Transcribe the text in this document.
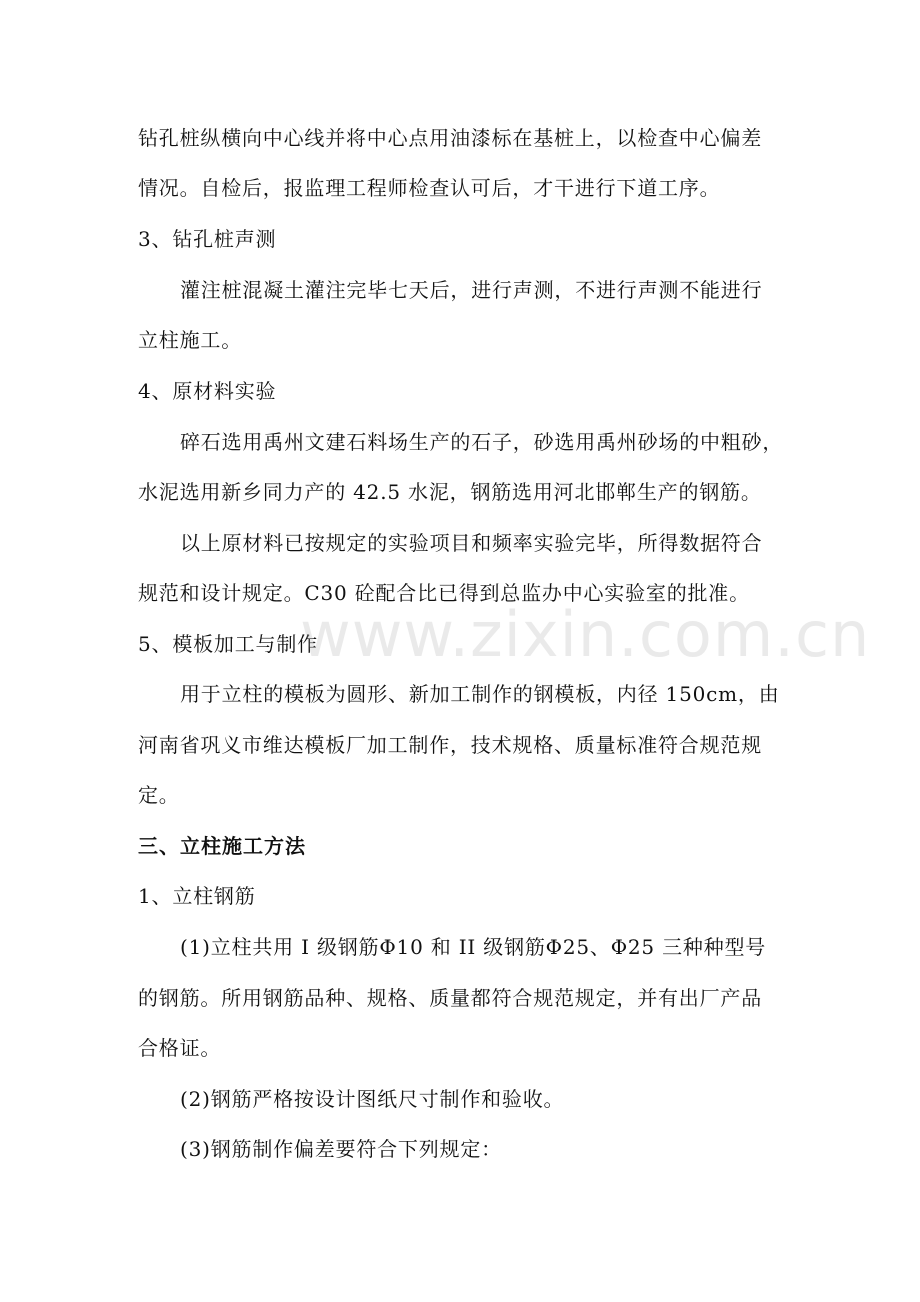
钻孔桩纵横向中心线并将中心点用油漆标在基桩上，以检查中心偏差
情况。自检后，报监理工程师检查认可后，才干进行下道工序。
3、钻孔桩声测
灌注桩混凝土灌注完毕七天后，进行声测，不进行声测不能进行
立柱施工。
4、原材料实验
碎石选用禹州文建石料场生产的石子，砂选用禹州砂场的中粗砂，
水泥选用新乡同力产的 42.5 水泥，钢筋选用河北邯郸生产的钢筋。
以上原材料已按规定的实验项目和频率实验完毕，所得数据符合
规范和设计规定。C30 砼配合比已得到总监办中心实验室的批准。
5、模板加工与制作
用于立柱的模板为圆形、新加工制作的钢模板，内径 150cm，由
河南省巩义市维达模板厂加工制作，技术规格、质量标准符合规范规
定。
三、立柱施工方法
1、立柱钢筋
(1)立柱共用 I 级钢筋Φ10 和 II 级钢筋Φ25、Φ25 三种种型号
的钢筋。所用钢筋品种、规格、质量都符合规范规定，并有出厂产品
合格证。
(2)钢筋严格按设计图纸尺寸制作和验收。
(3)钢筋制作偏差要符合下列规定：
www.zixin.com.cn
